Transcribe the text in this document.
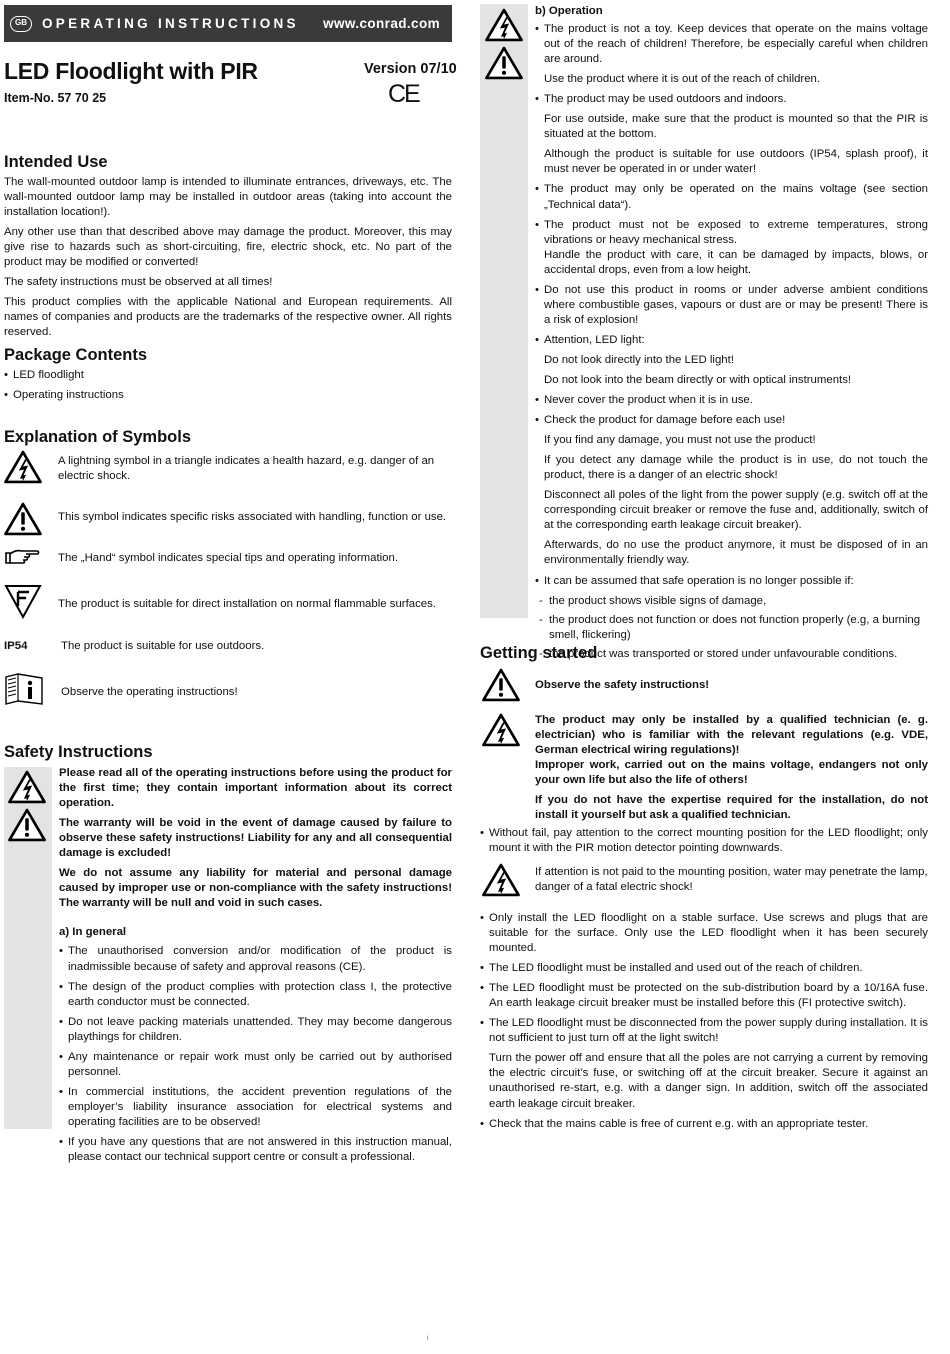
GB	OPERATING INSTRUCTIONS www.conrad.com
LED Floodlight with PIR
Item-No. 57 70 25
Version 07/10
CE
Intended Use

The wall-mounted outdoor lamp is intended to illuminate entrances, driveways, etc. The wall-mounted outdoor lamp may be installed in outdoor areas (taking into account the installation location!).

Any other use than that described above may damage the product. Moreover, this may give rise to hazards such as short-circuiting, fire, electric shock, etc. No part of the product may be modified or converted!

The safety instructions must be observed at all times!

This product complies with the applicable National and European requirements. All names of companies and products are the trademarks of the respective owner. All rights reserved.

Package Contents
• LED floodlight
• Operating instructions
Explanation of Symbols
A lightning symbol in a triangle indicates a health hazard, e.g. danger of an electric shock.
This symbol indicates specific risks associated with handling, function or use.
The „Hand“ symbol indicates special tips and operating information.
The product is suitable for direct installation on normal flammable surfaces.
IP54	The product is suitable for use outdoors.
Observe the operating instructions!
Safety Instructions

Please read all of the operating instructions before using the product for the first time; they contain important information about its correct operation.

The warranty will be void in the event of damage caused by failure to observe these safety instructions! Liability for any and all consequential damage is excluded!

We do not assume any liability for material and personal damage caused by improper use or non-compliance with the safety instructions! The warranty will be null and void in such cases.

a) In general
• The unauthorised conversion and/or modification of the product is inadmissible because of safety and approval reasons (CE).
• The design of the product complies with protection class I, the protective earth conductor must be connected.
• Do not leave packing materials unattended. They may become dangerous playthings for children.
• Any maintenance or repair work must only be carried out by authorised personnel.
• In commercial institutions, the accident prevention regulations of the employer’s liability insurance association for electrical systems and operating facilities are to be observed!
• If you have any questions that are not answered in this instruction manual, please contact our technical support centre or consult a professional.
b) Operation
• The product is not a toy. Keep devices that operate on the mains voltage out of the reach of children! Therefore, be especially careful when children are around.

Use the product where it is out of the reach of children.

• The product may be used outdoors and indoors.

For use outside, make sure that the product is mounted so that the PIR is situated at the bottom.

Although the product is suitable for use outdoors (IP54, splash proof), it must never be operated in or under water!

• The product may only be operated on the mains voltage (see section „Technical data“).
• The product must not be exposed to extreme temperatures, strong vibrations or heavy mechanical stress.
Handle the product with care, it can be damaged by impacts, blows, or accidental drops, even from a low height.
• Do not use this product in rooms or under adverse ambient conditions where combustible gases, vapours or dust are or may be present! There is a risk of explosion!
• Attention, LED light:

Do not look directly into the LED light!

Do not look into the beam directly or with optical instruments!

• Never cover the product when it is in use.
• Check the product for damage before each use!

If you find any damage, you must not use the product!

If you detect any damage while the product is in use, do not touch the product, there is a danger of an electric shock!

Disconnect all poles of the light from the power supply (e.g. switch off at the corresponding circuit breaker or remove the fuse and, additionally, switch of at the corresponding earth leakage circuit breaker).

Afterwards, do no use the product anymore, it must be disposed of in an environmentally friendly way.

• It can be assumed that safe operation is no longer possible if:
- the product shows visible signs of damage,
- the product does not function or does not function properly (e.g, a burning smell, flickering)
- the product was transported or stored under unfavourable conditions.
Getting started
Observe the safety instructions!

The product may only be installed by a qualified technician (e. g. electrician) who is familiar with the relevant regulations (e.g. VDE, German electrical wiring regulations)!

Improper work, carried out on the mains voltage, endangers not only your own life but also the life of others!

If you do not have the expertise required for the installation, do not install it yourself but ask a qualified technician.

• Without fail, pay attention to the correct mounting position for the LED floodlight; only mount it with the PIR motion detector pointing downwards.
If attention is not paid to the mounting position, water may penetrate the lamp, danger of a fatal electric shock!
• Only install the LED floodlight on a stable surface. Use screws and plugs that are suitable for the surface. Only use the LED floodlight when it has been securely mounted.
• The LED floodlight must be installed and used out of the reach of children.
• The LED floodlight must be protected on the sub-distribution board by a 10/16A fuse. An earth leakage circuit breaker must be installed before this (FI protective switch).
• The LED floodlight must be disconnected from the power supply during installation. It is not sufficient to just turn off at the light switch!

Turn the power off and ensure that all the poles are not carrying a current by removing the electric circuit’s fuse, or switching off at the circuit breaker. Secure it against an unauthorised re-start, e.g. with a danger sign. In addition, switch off the associated earth leakage circuit breaker.

• Check that the mains cable is free of current e.g. with an appropriate tester.
i
